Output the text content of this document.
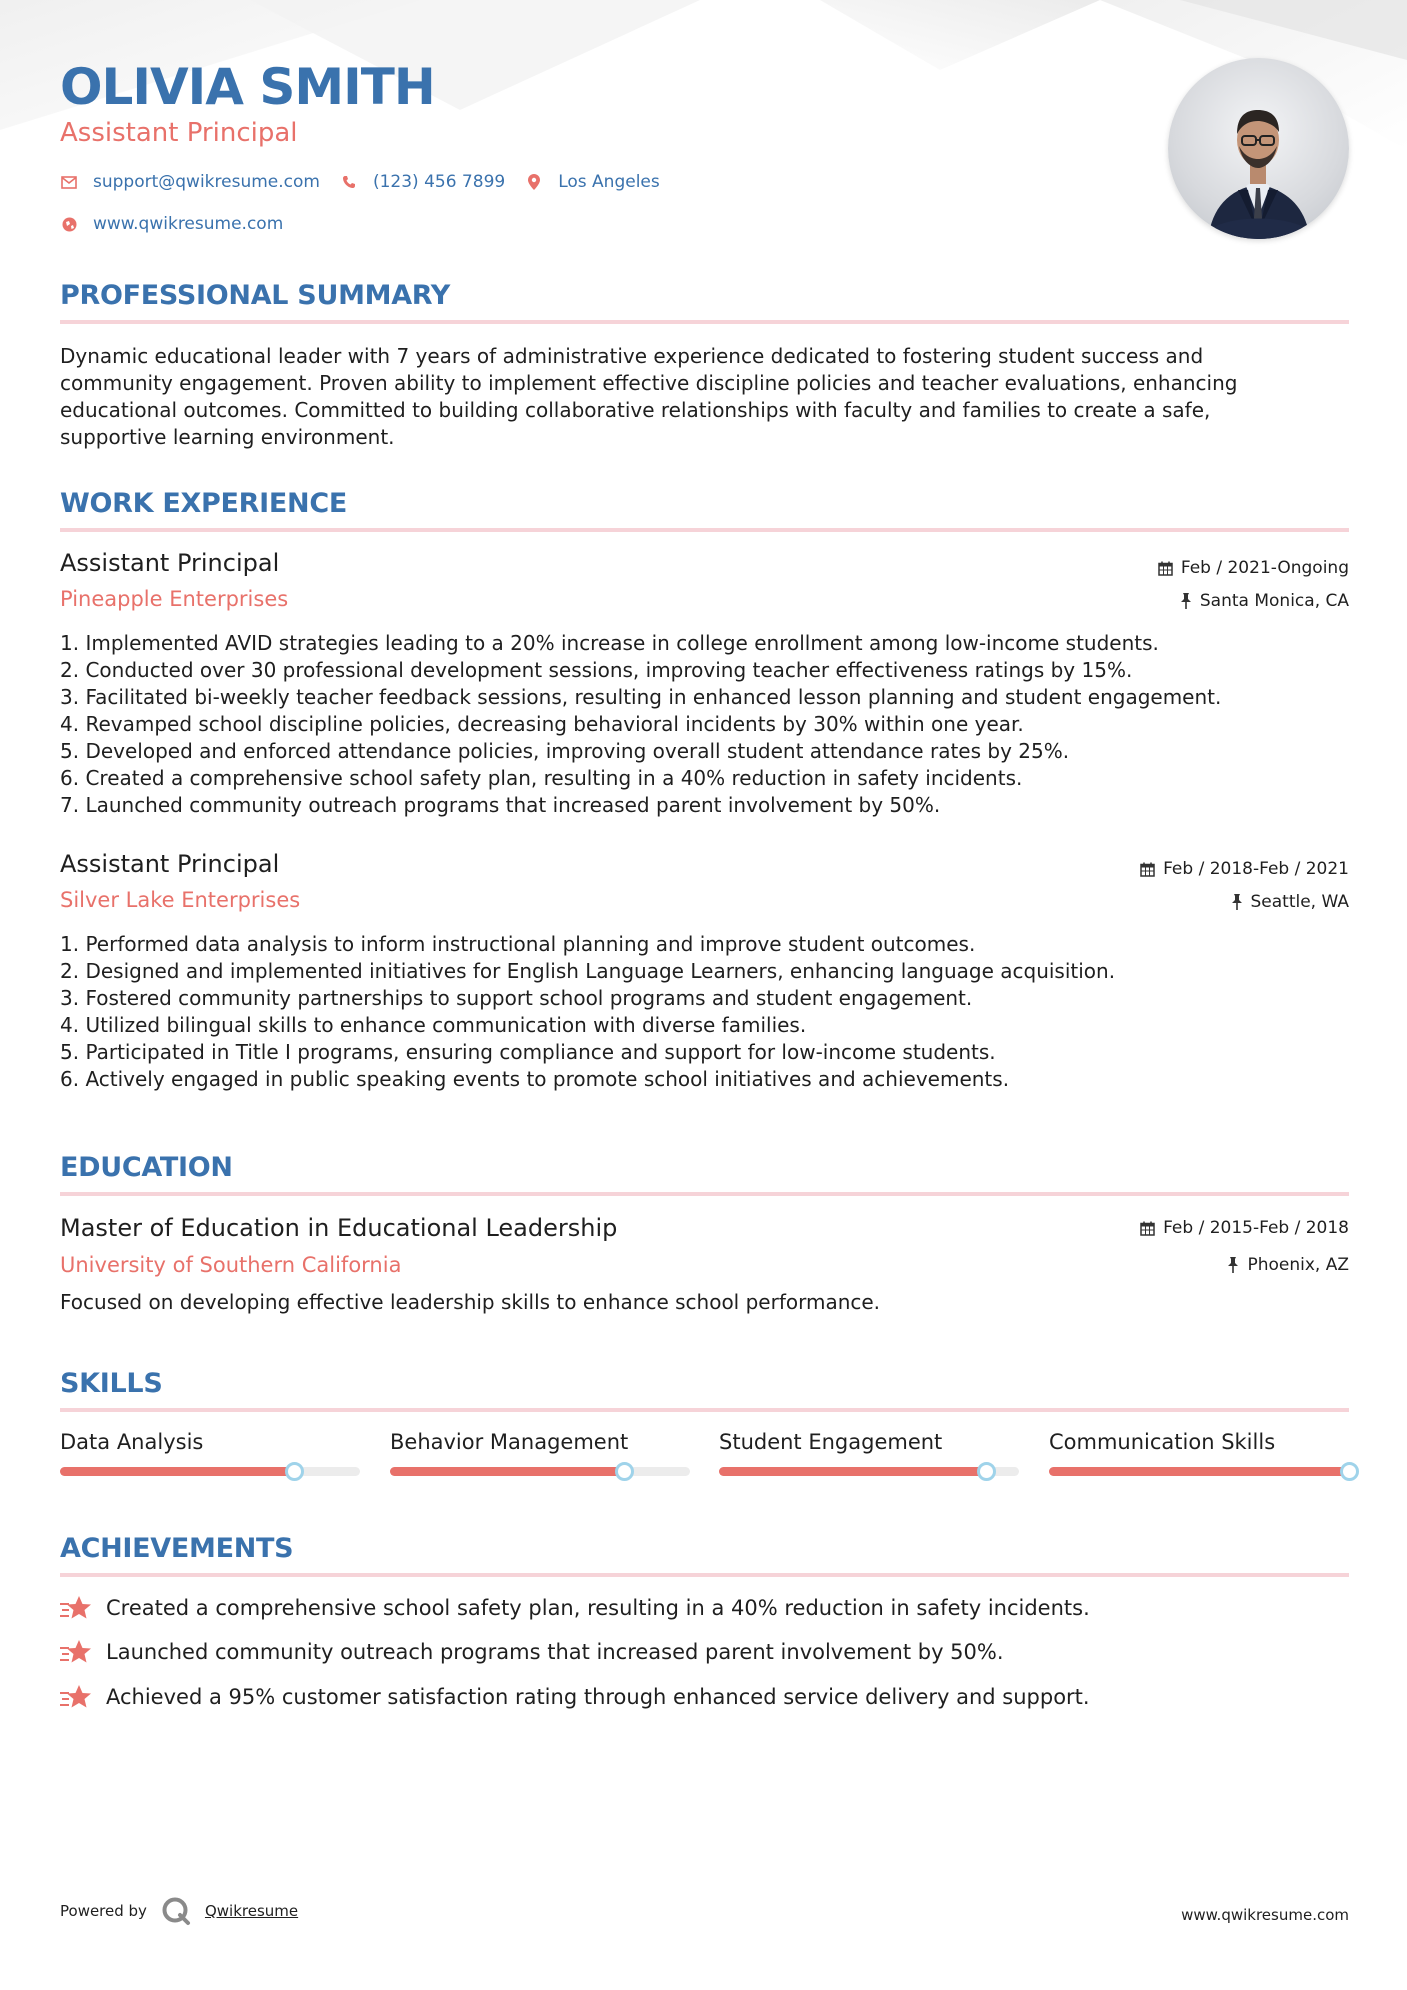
OLIVIA SMITH
Assistant Principal
support@qwikresume.com	(123) 456 7899	Los Angeles
www.qwikresume.com
PROFESSIONAL SUMMARY
Dynamic educational leader with 7 years of administrative experience dedicated to fostering student success and
community engagement. Proven ability to implement effective discipline policies and teacher evaluations, enhancing
educational outcomes. Committed to building collaborative relationships with faculty and families to create a safe,
supportive learning environment.
WORK EXPERIENCE
Assistant Principal
Pineapple Enterprises
Feb / 2021-Ongoing
Santa Monica, CA
1. Implemented AVID strategies leading to a 20% increase in college enrollment among low-income students.
2. Conducted over 30 professional development sessions, improving teacher effectiveness ratings by 15%.
3. Facilitated bi-weekly teacher feedback sessions, resulting in enhanced lesson planning and student engagement.
4. Revamped school discipline policies, decreasing behavioral incidents by 30% within one year.
5. Developed and enforced attendance policies, improving overall student attendance rates by 25%.
6. Created a comprehensive school safety plan, resulting in a 40% reduction in safety incidents.
7. Launched community outreach programs that increased parent involvement by 50%.
Assistant Principal
Silver Lake Enterprises
Feb / 2018-Feb / 2021
Seattle, WA
1. Performed data analysis to inform instructional planning and improve student outcomes.
2. Designed and implemented initiatives for English Language Learners, enhancing language acquisition.
3. Fostered community partnerships to support school programs and student engagement.
4. Utilized bilingual skills to enhance communication with diverse families.
5. Participated in Title I programs, ensuring compliance and support for low-income students.
6. Actively engaged in public speaking events to promote school initiatives and achievements.
EDUCATION
Master of Education in Educational Leadership
University of Southern California
Feb / 2015-Feb / 2018
Phoenix, AZ
Focused on developing effective leadership skills to enhance school performance.
SKILLS
Data Analysis	Behavior Management	Student Engagement	Communication Skills
ACHIEVEMENTS
Created a comprehensive school safety plan, resulting in a 40% reduction in safety incidents.
Launched community outreach programs that increased parent involvement by 50%.
Achieved a 95% customer satisfaction rating through enhanced service delivery and support.
Powered by	Qwikresume	www.qwikresume.com
